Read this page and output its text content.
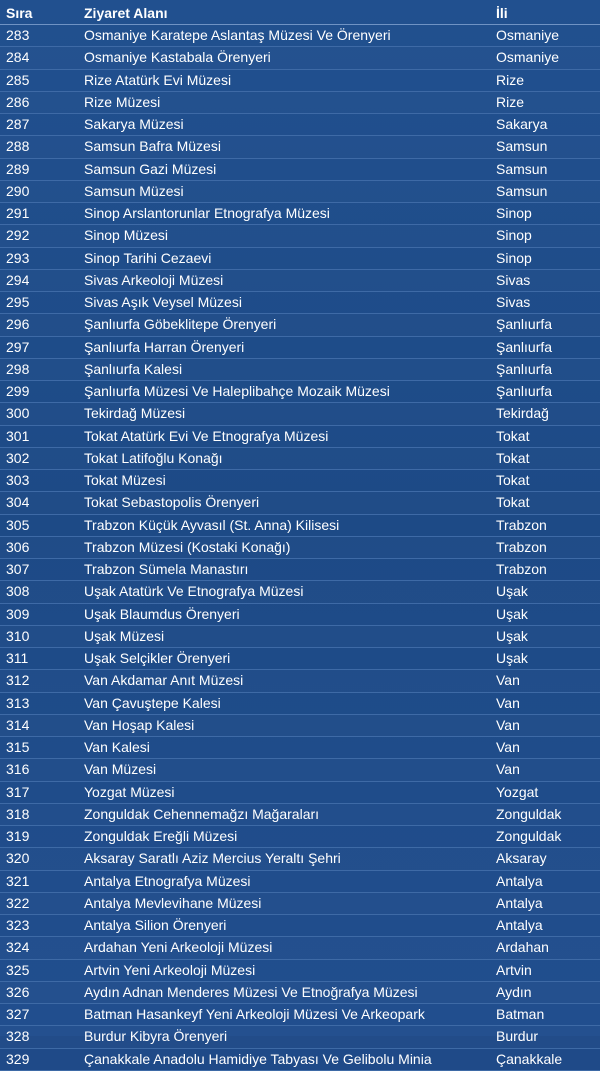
Sıra	Ziyaret Alanı	İli
283	Osmaniye Karatepe Aslantaş Müzesi Ve Örenyeri	Osmaniye
284	Osmaniye Kastabala Örenyeri	Osmaniye
285	Rize Atatürk Evi Müzesi	Rize
286	Rize Müzesi	Rize
287	Sakarya Müzesi	Sakarya
288	Samsun Bafra Müzesi	Samsun
289	Samsun Gazi Müzesi	Samsun
290	Samsun Müzesi	Samsun
291	Sinop Arslantorunlar Etnografya Müzesi	Sinop
292	Sinop Müzesi	Sinop
293	Sinop Tarihi Cezaevi	Sinop
294	Sivas Arkeoloji Müzesi	Sivas
295	Sivas Aşık Veysel Müzesi	Sivas
296	Şanlıurfa Göbeklitepe Örenyeri	Şanlıurfa
297	Şanlıurfa Harran Örenyeri	Şanlıurfa
298	Şanlıurfa Kalesi	Şanlıurfa
299	Şanlıurfa Müzesi Ve Haleplibahçe Mozaik Müzesi	Şanlıurfa
300	Tekirdağ Müzesi	Tekirdağ
301	Tokat Atatürk Evi Ve Etnografya Müzesi	Tokat
302	Tokat Latifoğlu Konağı	Tokat
303	Tokat Müzesi	Tokat
304	Tokat Sebastopolis Örenyeri	Tokat
305	Trabzon Küçük Ayvasıl (St. Anna) Kilisesi	Trabzon
306	Trabzon Müzesi (Kostaki Konağı)	Trabzon
307	Trabzon Sümela Manastırı	Trabzon
308	Uşak Atatürk Ve Etnografya Müzesi	Uşak
309	Uşak Blaumdus Örenyeri	Uşak
310	Uşak Müzesi	Uşak
311	Uşak Selçikler Örenyeri	Uşak
312	Van Akdamar Anıt Müzesi	Van
313	Van Çavuştepe Kalesi	Van
314	Van Hoşap Kalesi	Van
315	Van Kalesi	Van
316	Van Müzesi	Van
317	Yozgat Müzesi	Yozgat
318	Zonguldak Cehennemağzı Mağaraları	Zonguldak
319	Zonguldak Ereğli Müzesi	Zonguldak
320	Aksaray Saratlı Aziz Mercius Yeraltı Şehri	Aksaray
321	Antalya Etnografya Müzesi	Antalya
322	Antalya Mevlevihane Müzesi	Antalya
323	Antalya Silion Örenyeri	Antalya
324	Ardahan Yeni Arkeoloji Müzesi	Ardahan
325	Artvin Yeni Arkeoloji Müzesi	Artvin
326	Aydın Adnan Menderes Müzesi Ve Etnoğrafya Müzesi	Aydın
327	Batman Hasankeyf Yeni Arkeoloji Müzesi Ve Arkeopark	Batman
328	Burdur Kibyra Örenyeri	Burdur
329	Çanakkale Anadolu Hamidiye Tabyası Ve Gelibolu Minia	Çanakkale
